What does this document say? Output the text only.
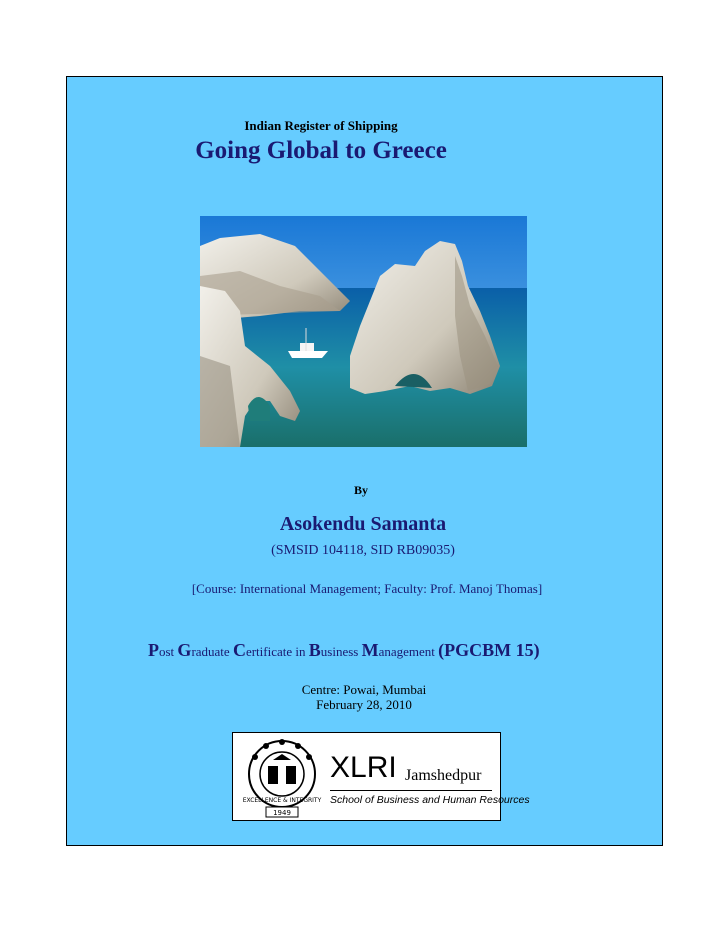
Indian Register of Shipping
Going Global to Greece
By
Asokendu Samanta
(SMSID 104118, SID RB09035)
[Course: International Management; Faculty: Prof. Manoj Thomas]
Post Graduate Certificate in Business Management (PGCBM 15)
Centre: Powai, Mumbai
February 28, 2010
EXCELLENCE & INTEGRITY
1949
XLRI Jamshedpur
School of Business and Human Resources
